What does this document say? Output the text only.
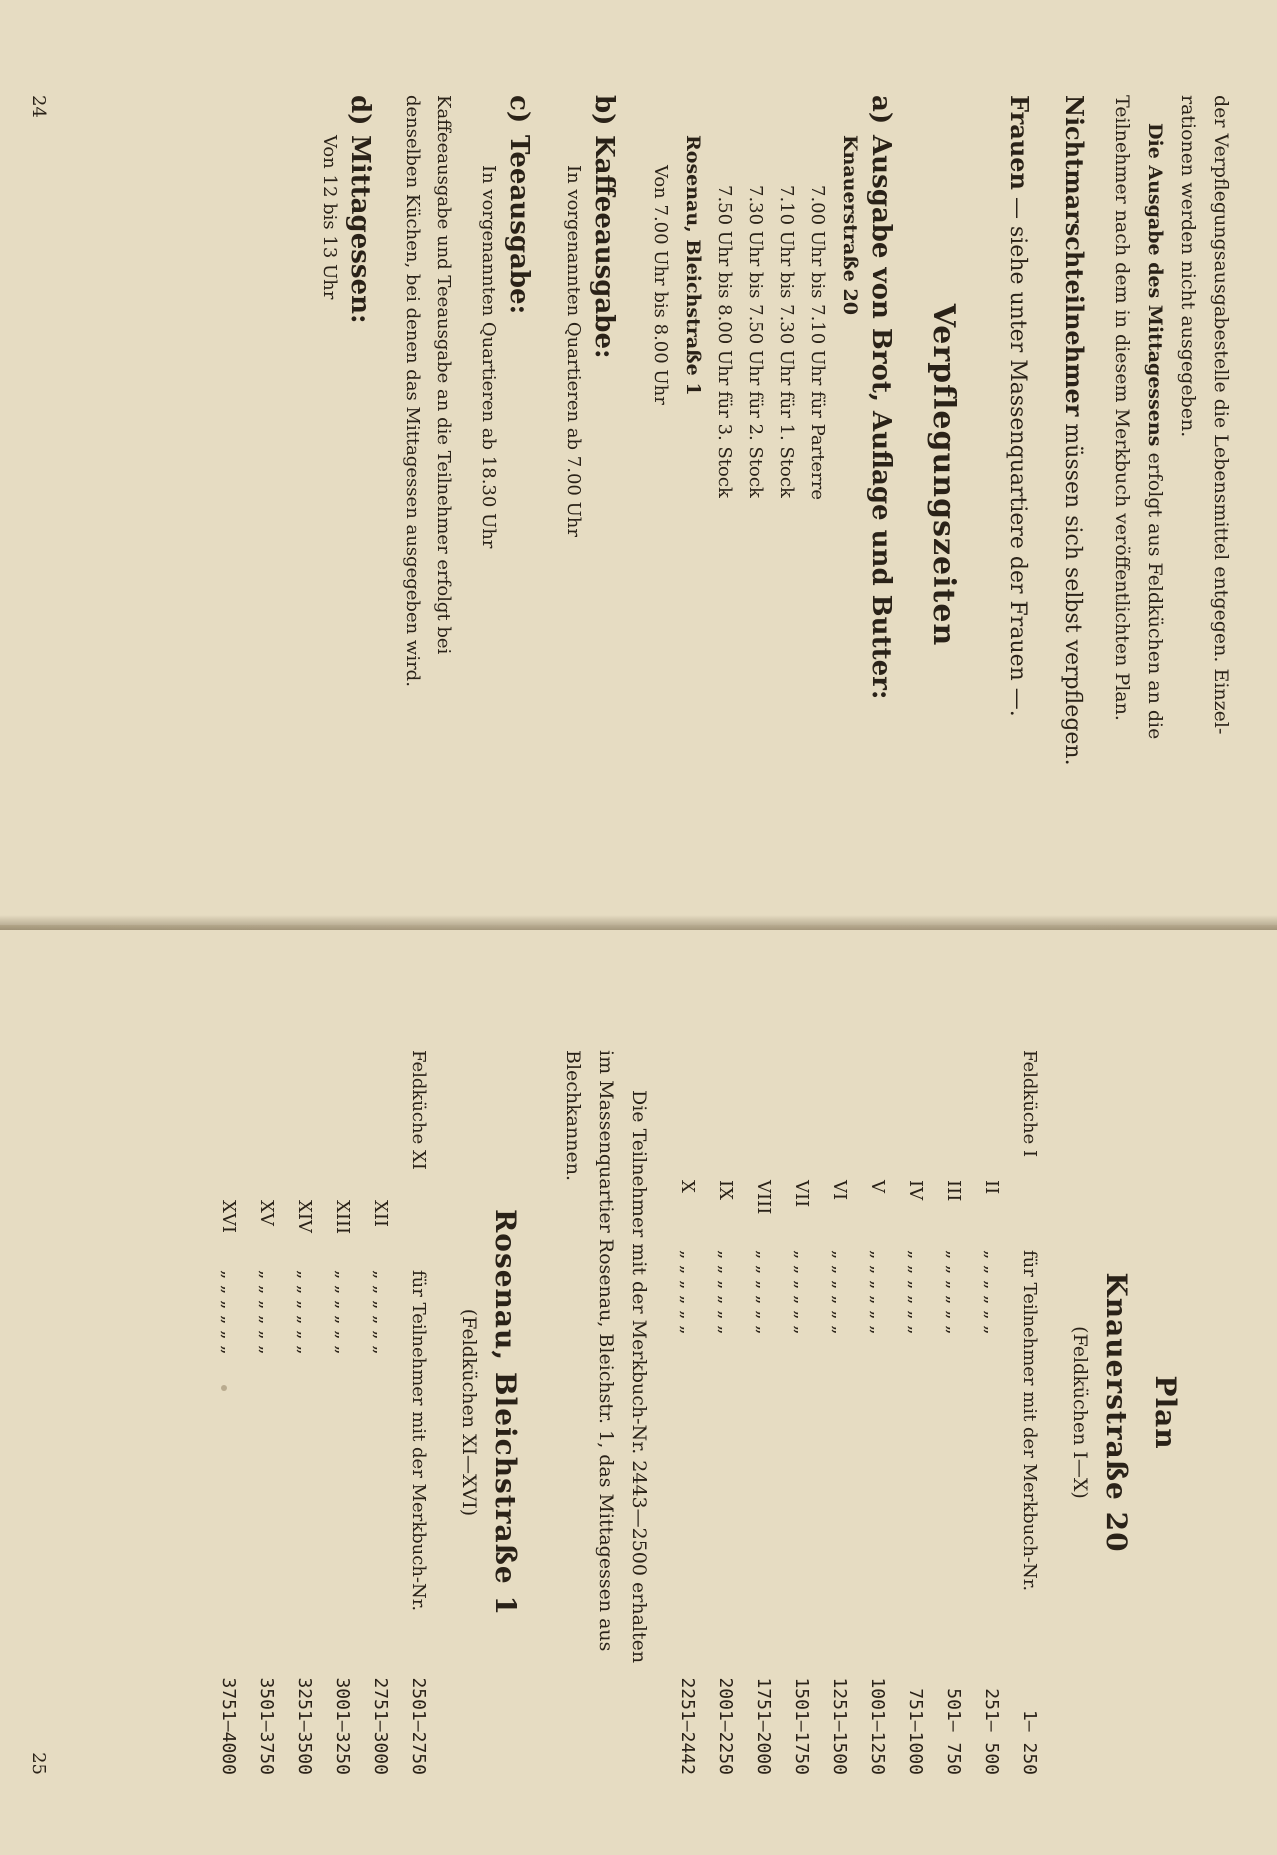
der Verpflegungsausgabestelle die Lebensmittel entgegen. Einzel-
rationen werden nicht ausgegeben.
Die Ausgabe des Mittagessens erfolgt aus Feldküchen an die
Teilnehmer nach dem in diesem Merkbuch veröffentlichten Plan.
Nichtmarschteilnehmer müssen sich selbst verpflegen.
Frauen — siehe unter Massenquartiere der Frauen —.
Verpflegungszeiten
a)
Ausgabe von Brot, Auflage und Butter:
Knauerstraße 20
7.00 Uhr bis 7.10 Uhr für Parterre
7.10 Uhr bis 7.30 Uhr für 1. Stock
7.30 Uhr bis 7.50 Uhr für 2. Stock
7.50 Uhr bis 8.00 Uhr für 3. Stock
Rosenau, Bleichstraße 1
Von 7.00 Uhr bis 8.00 Uhr
b)
Kaffeeausgabe:
In vorgenannten Quartieren ab 7.00 Uhr
c)
Teeausgabe:
In vorgenannten Quartieren ab 18.30 Uhr
Kaffeeausgabe und Teeausgabe an die Teilnehmer erfolgt bei
denselben Küchen, bei denen das Mittagessen ausgegeben wird.
d)
Mittagessen:
Von 12 bis 13 Uhr
24
Plan
Knauerstraße 20
(Feldküchen I—X)
Feldküche I		für Teilnehmer mit der Merkbuch-Nr.	1— 250
	II	„ „ „ „ „ „	251— 500
	III	„ „ „ „ „ „	501— 750
	IV	„ „ „ „ „ „	751—1000
	V	„ „ „ „ „ „	1001—1250
	VI	„ „ „ „ „ „	1251—1500
	VII	„ „ „ „ „ „	1501—1750
	VIII	„ „ „ „ „ „	1751—2000
	IX	„ „ „ „ „ „	2001—2250
	X	„ „ „ „ „ „	2251—2442
Die Teilnehmer mit der Merkbuch-Nr. 2443—2500 erhalten
im Massenquartier Rosenau, Bleichstr. 1, das Mittagessen aus
Blechkannen.
Rosenau, Bleichstraße 1
(Feldküchen XI—XVI)
Feldküche XI		für Teilnehmer mit der Merkbuch-Nr.	2501—2750
	XII	„ „ „ „ „ „	2751—3000
	XIII	„ „ „ „ „ „	3001—3250
	XIV	„ „ „ „ „ „	3251—3500
	XV	„ „ „ „ „ „	3501—3750
	XVI	„ „ „ „ „ „	3751—4000
25
